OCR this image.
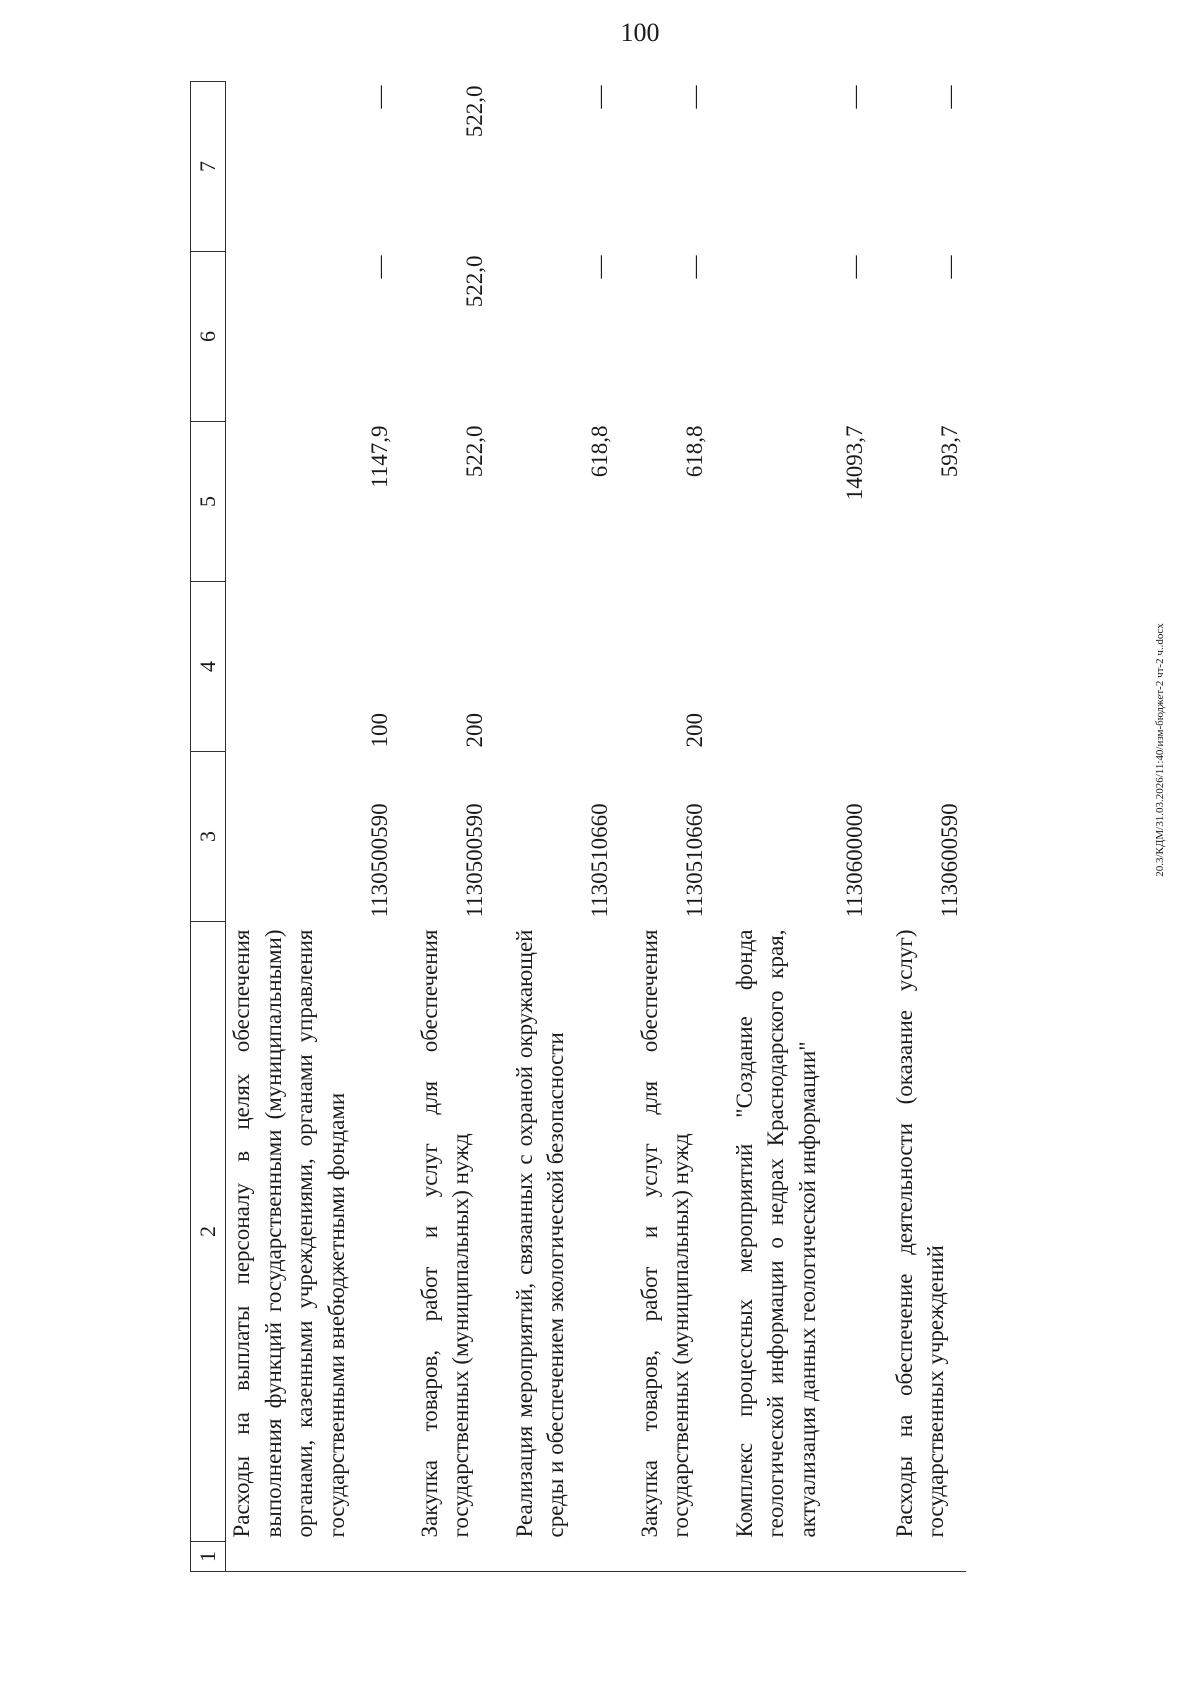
100
20.3/КДМ/31.03.2026/11:40/изм-бюджет-2 чт-2 ч..docx
1	2	3	4	5	6	7
	Расходы на выплаты персоналу в целях обеспечения выполнения функций государственными (муниципальными) органами, казенными учреждениями, органами управления государственными внебюджетными фондами	1130500590	100	1147,9	—	—
	Закупка товаров, работ и услуг для обеспечения государственных (муниципальных) нужд	1130500590	200	522,0	522,0	522,0
	Реализация мероприятий, связанных с охраной окружающей среды и обеспечением экологической безопасности	1130510660		618,8	—	—
	Закупка товаров, работ и услуг для обеспечения государственных (муниципальных) нужд	1130510660	200	618,8	—	—
	Комплекс процессных мероприятий "Создание фонда геологической информации о недрах Краснодарского края, актуализация данных геологической информации"	1130600000		14093,7	—	—
	Расходы на обеспечение деятельности (оказание услуг) государственных учреждений	1130600590		593,7	—	—
